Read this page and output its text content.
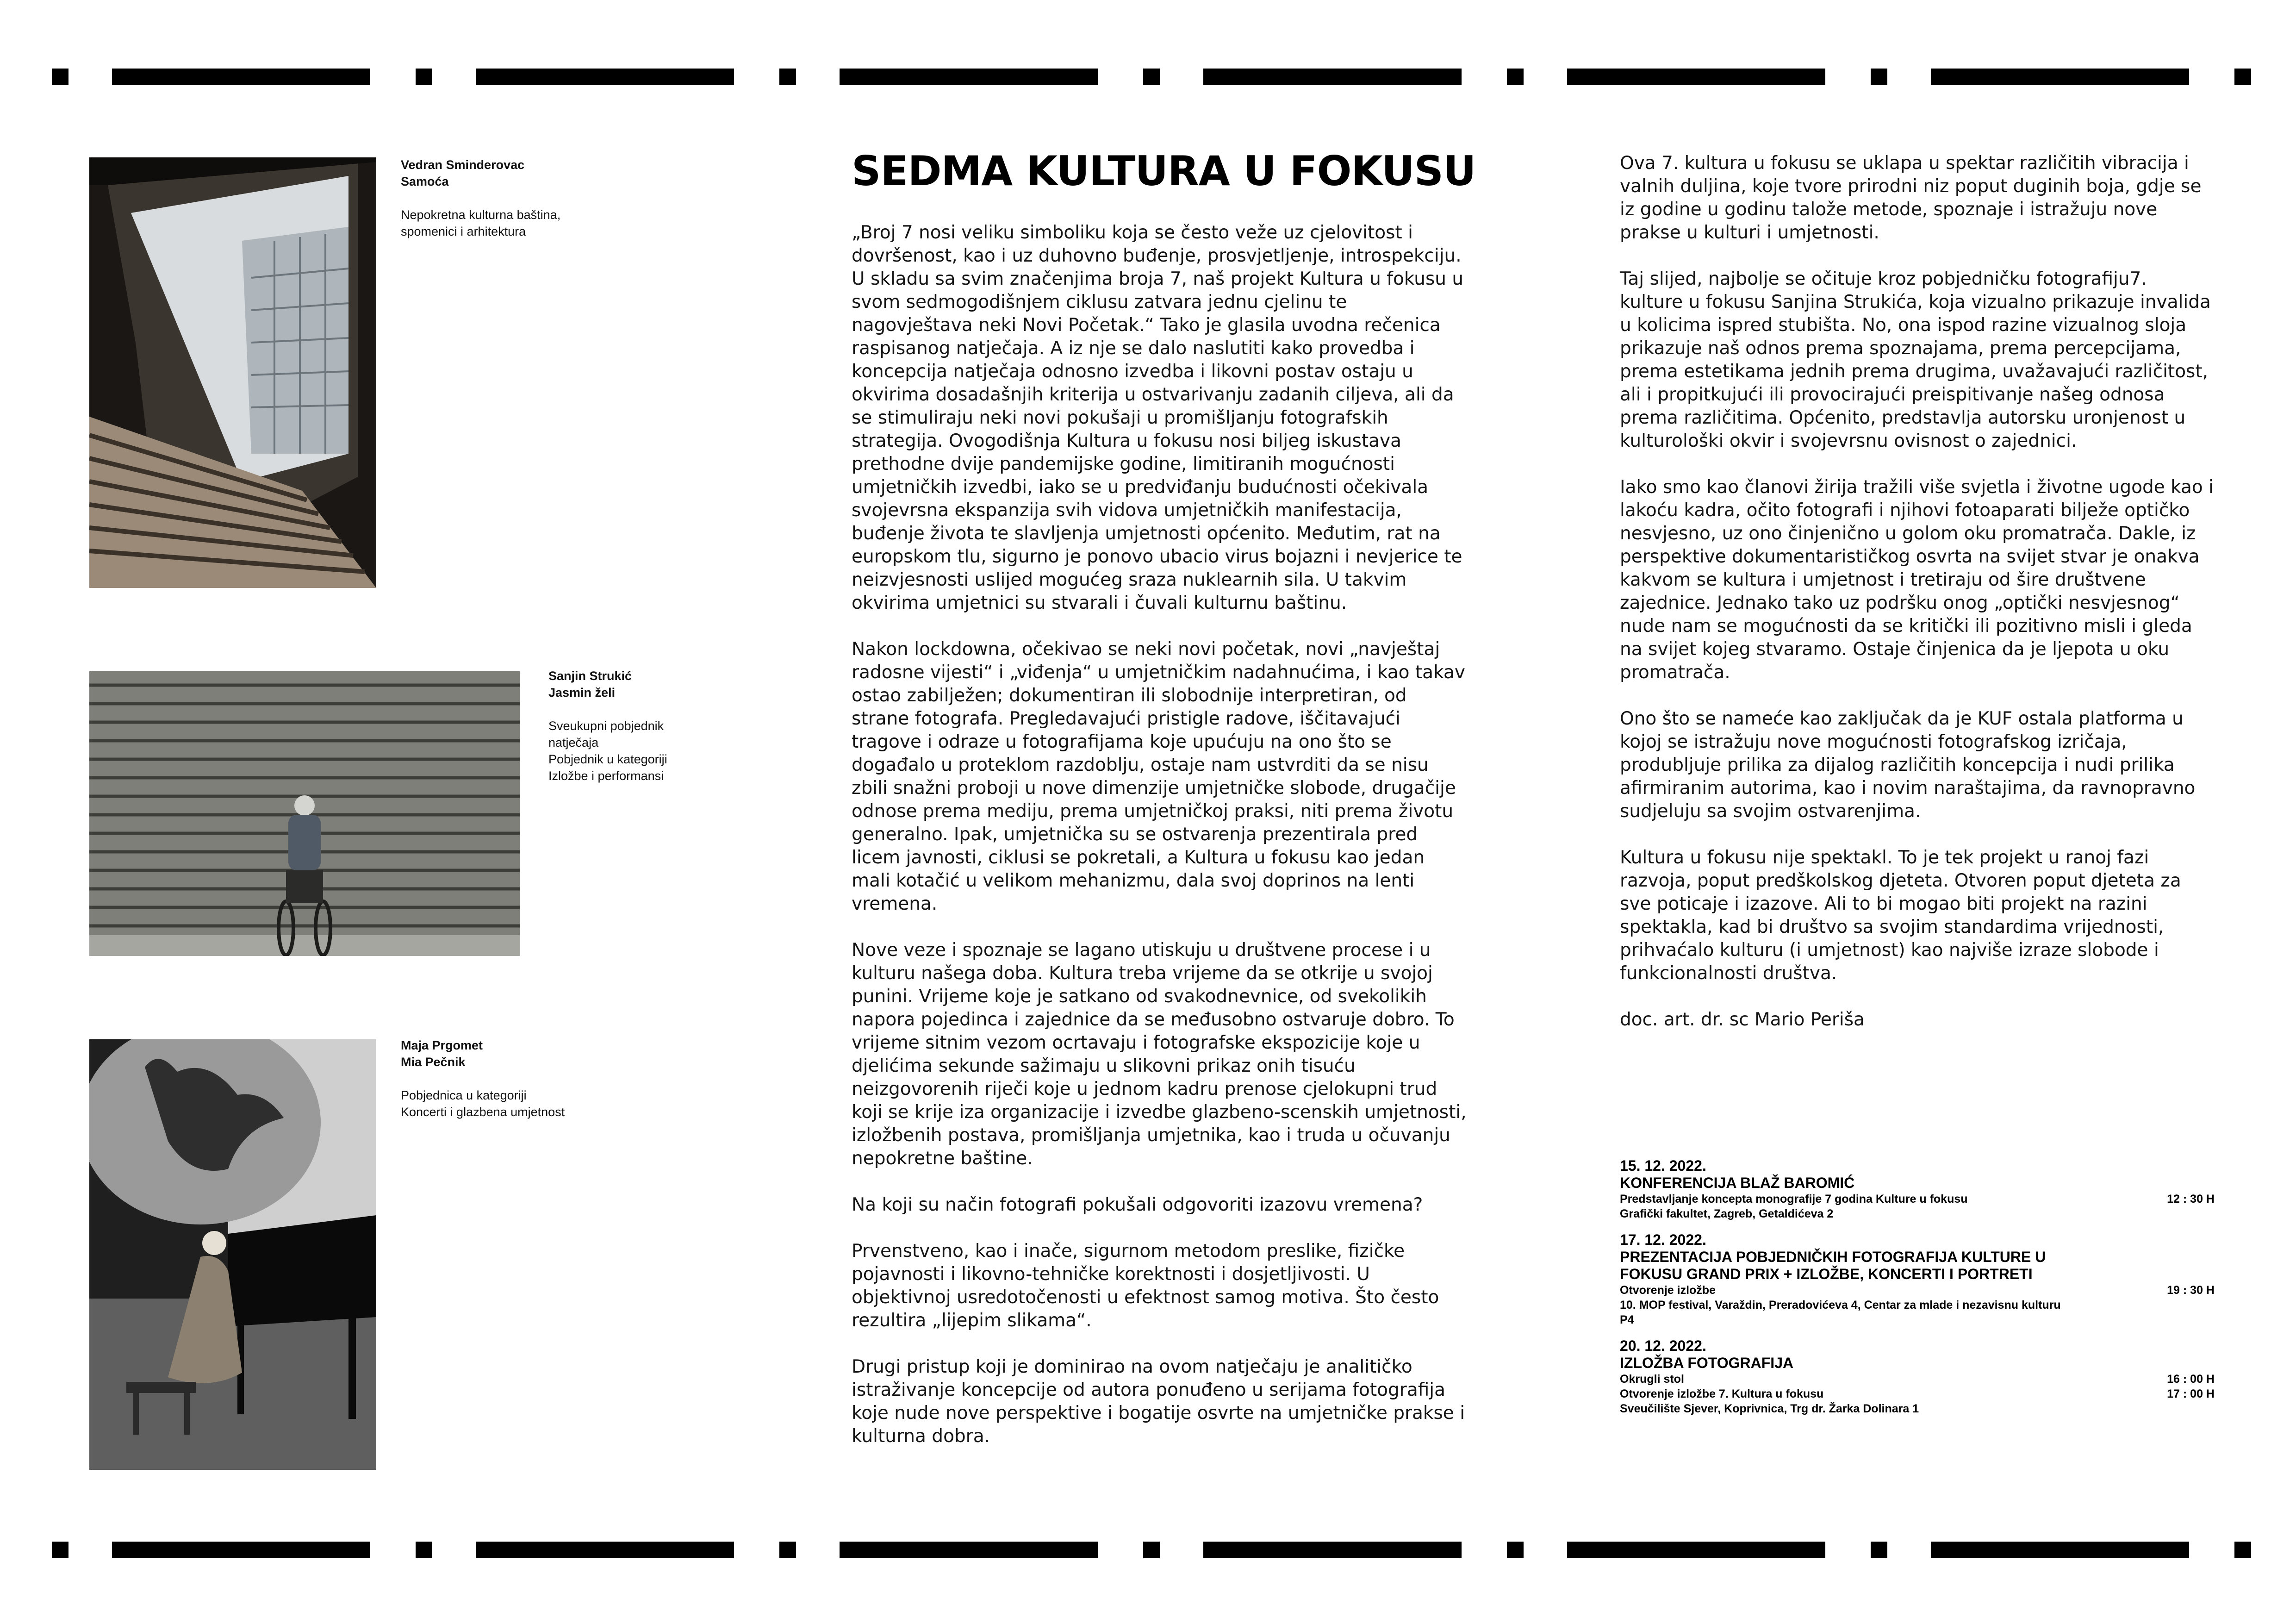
Vedran Sminderovac
Samoća
Nepokretna kulturna baština,
spomenici i arhitektura
Sanjin Strukić
Jasmin želi
Sveukupni pobjednik
natječaja
Pobjednik u kategoriji
Izložbe i performansi
Maja Prgomet
Mia Pečnik
Pobjednica u kategoriji
Koncerti i glazbena umjetnost
SEDMA KULTURA U FOKUSU

„Broj 7 nosi veliku simboliku koja se često veže uz cjelovitost i dovršenost, kao i uz duhovno buđenje, prosvjetljenje, introspekciju. U skladu sa svim značenjima broja 7, naš projekt Kultura u fokusu u svom sedmogodišnjem ciklusu zatvara jednu cjelinu te nagovještava neki Novi Početak.“ Tako je glasila uvodna rečenica raspisanog natječaja. A iz nje se dalo naslutiti kako provedba i koncepcija natječaja odnosno izvedba i likovni postav ostaju u okvirima dosadašnjih kriterija u ostvarivanju zadanih ciljeva, ali da se stimuliraju neki novi pokušaji u promišljanju fotografskih strategija. Ovogodišnja Kultura u fokusu nosi biljeg iskustava prethodne dvije pandemijske godine, limitiranih mogućnosti umjetničkih izvedbi, iako se u predviđanju budućnosti očekivala svojevrsna ekspanzija svih vidova umjetničkih manifestacija, buđenje života te slavljenja umjetnosti općenito. Međutim, rat na europskom tlu, sigurno je ponovo ubacio virus bojazni i nevjerice te neizvjesnosti uslijed mogućeg sraza nuklearnih sila. U takvim okvirima umjetnici su stvarali i čuvali kulturnu baštinu.

Nakon lockdowna, očekivao se neki novi početak, novi „navještaj radosne vijesti“ i „viđenja“ u umjetničkim nadahnućima, i kao takav ostao zabilježen; dokumentiran ili slobodnije interpretiran, od strane fotografa. Pregledavajući pristigle radove, iščitavajući tragove i odraze u fotografijama koje upućuju na ono što se događalo u proteklom razdoblju, ostaje nam ustvrditi da se nisu zbili snažni proboji u nove dimenzije umjetničke slobode, drugačije odnose prema mediju, prema umjetničkoj praksi, niti prema životu generalno. Ipak, umjetnička su se ostvarenja prezentirala pred licem javnosti, ciklusi se pokretali, a Kultura u fokusu kao jedan mali kotačić u velikom mehanizmu, dala svoj doprinos na lenti vremena.

Nove veze i spoznaje se lagano utiskuju u društvene procese i u kulturu našega doba. Kultura treba vrijeme da se otkrije u svojoj punini. Vrijeme koje je satkano od svakodnevnice, od svekolikih napora pojedinca i zajednice da se međusobno ostvaruje dobro. To vrijeme sitnim vezom ocrtavaju i fotografske ekspozicije koje u djelićima sekunde sažimaju u slikovni prikaz onih tisuću neizgovorenih riječi koje u jednom kadru prenose cjelokupni trud koji se krije iza organizacije i izvedbe glazbeno-scenskih umjetnosti, izložbenih postava, promišljanja umjetnika, kao i truda u očuvanju nepokretne baštine.

Na koji su način fotografi pokušali odgovoriti izazovu vremena?

Prvenstveno, kao i inače, sigurnom metodom preslike, fizičke pojavnosti i likovno-tehničke korektnosti i dosjetljivosti. U objektivnoj usredotočenosti u efektnost samog motiva. Što često rezultira „lijepim slikama“.

Drugi pristup koji je dominirao na ovom natječaju je analitičko istraživanje koncepcije od autora ponuđeno u serijama fotografija koje nude nove perspektive i bogatije osvrte na umjetničke prakse i kulturna dobra.

Ova 7. kultura u fokusu se uklapa u spektar različitih vibracija i valnih duljina, koje tvore prirodni niz poput duginih boja, gdje se iz godine u godinu talože metode, spoznaje i istražuju nove prakse u kulturi i umjetnosti.

Taj slijed, najbolje se očituje kroz pobjedničku fotografiju7. kulture u fokusu Sanjina Strukića, koja vizualno prikazuje invalida u kolicima ispred stubišta. No, ona ispod razine vizualnog sloja prikazuje naš odnos prema spoznajama, prema percepcijama, prema estetikama jednih prema drugima, uvažavajući različitost, ali i propitkujući ili provocirajući preispitivanje našeg odnosa prema različitima. Općenito, predstavlja autorsku uronjenost u kulturološki okvir i svojevrsnu ovisnost o zajednici.

Iako smo kao članovi žirija tražili više svjetla i životne ugode kao i lakoću kadra, očito fotografi i njihovi fotoaparati bilježe optičko nesvjesno, uz ono činjenično u golom oku promatrača. Dakle, iz perspektive dokumentarističkog osvrta na svijet stvar je onakva kakvom se kultura i umjetnost i tretiraju od šire društvene zajednice. Jednako tako uz podršku onog „optički nesvjesnog“ nude nam se mogućnosti da se kritički ili pozitivno misli i gleda na svijet kojeg stvaramo. Ostaje činjenica da je ljepota u oku promatrača.

Ono što se nameće kao zaključak da je KUF ostala platforma u kojoj se istražuju nove mogućnosti fotografskog izričaja, produbljuje prilika za dijalog različitih koncepcija i nudi prilika afirmiranim autorima, kao i novim naraštajima, da ravnopravno sudjeluju sa svojim ostvarenjima.

Kultura u fokusu nije spektakl. To je tek projekt u ranoj fazi razvoja, poput predškolskog djeteta. Otvoren poput djeteta za sve poticaje i izazove. Ali to bi mogao biti projekt na razini spektakla, kad bi društvo sa svojim standardima vrijednosti, prihvaćalo kulturu (i umjetnost) kao najviše izraze slobode i funkcionalnosti društva.

doc. art. dr. sc Mario Periša

15. 12. 2022.
KONFERENCIJA BLAŽ BAROMIĆ
Predstavljanje koncepta monografije 7 godina Kulture u fokusu	12 : 30 H
Grafički fakultet, Zagreb, Getaldićeva 2
17. 12. 2022.
PREZENTACIJA POBJEDNIČKIH FOTOGRAFIJA KULTURE U FOKUSU GRAND PRIX + IZLOŽBE, KONCERTI I PORTRETI
Otvorenje izložbe	19 : 30 H
10. MOP festival, Varaždin, Preradovićeva 4, Centar za mlade i nezavisnu kulturu P4
20. 12. 2022.
IZLOŽBA FOTOGRAFIJA
Okrugli stol	16 : 00 H
Otvorenje izložbe 7. Kultura u fokusu	17 : 00 H
Sveučilište Sjever, Koprivnica, Trg dr. Žarka Dolinara 1
